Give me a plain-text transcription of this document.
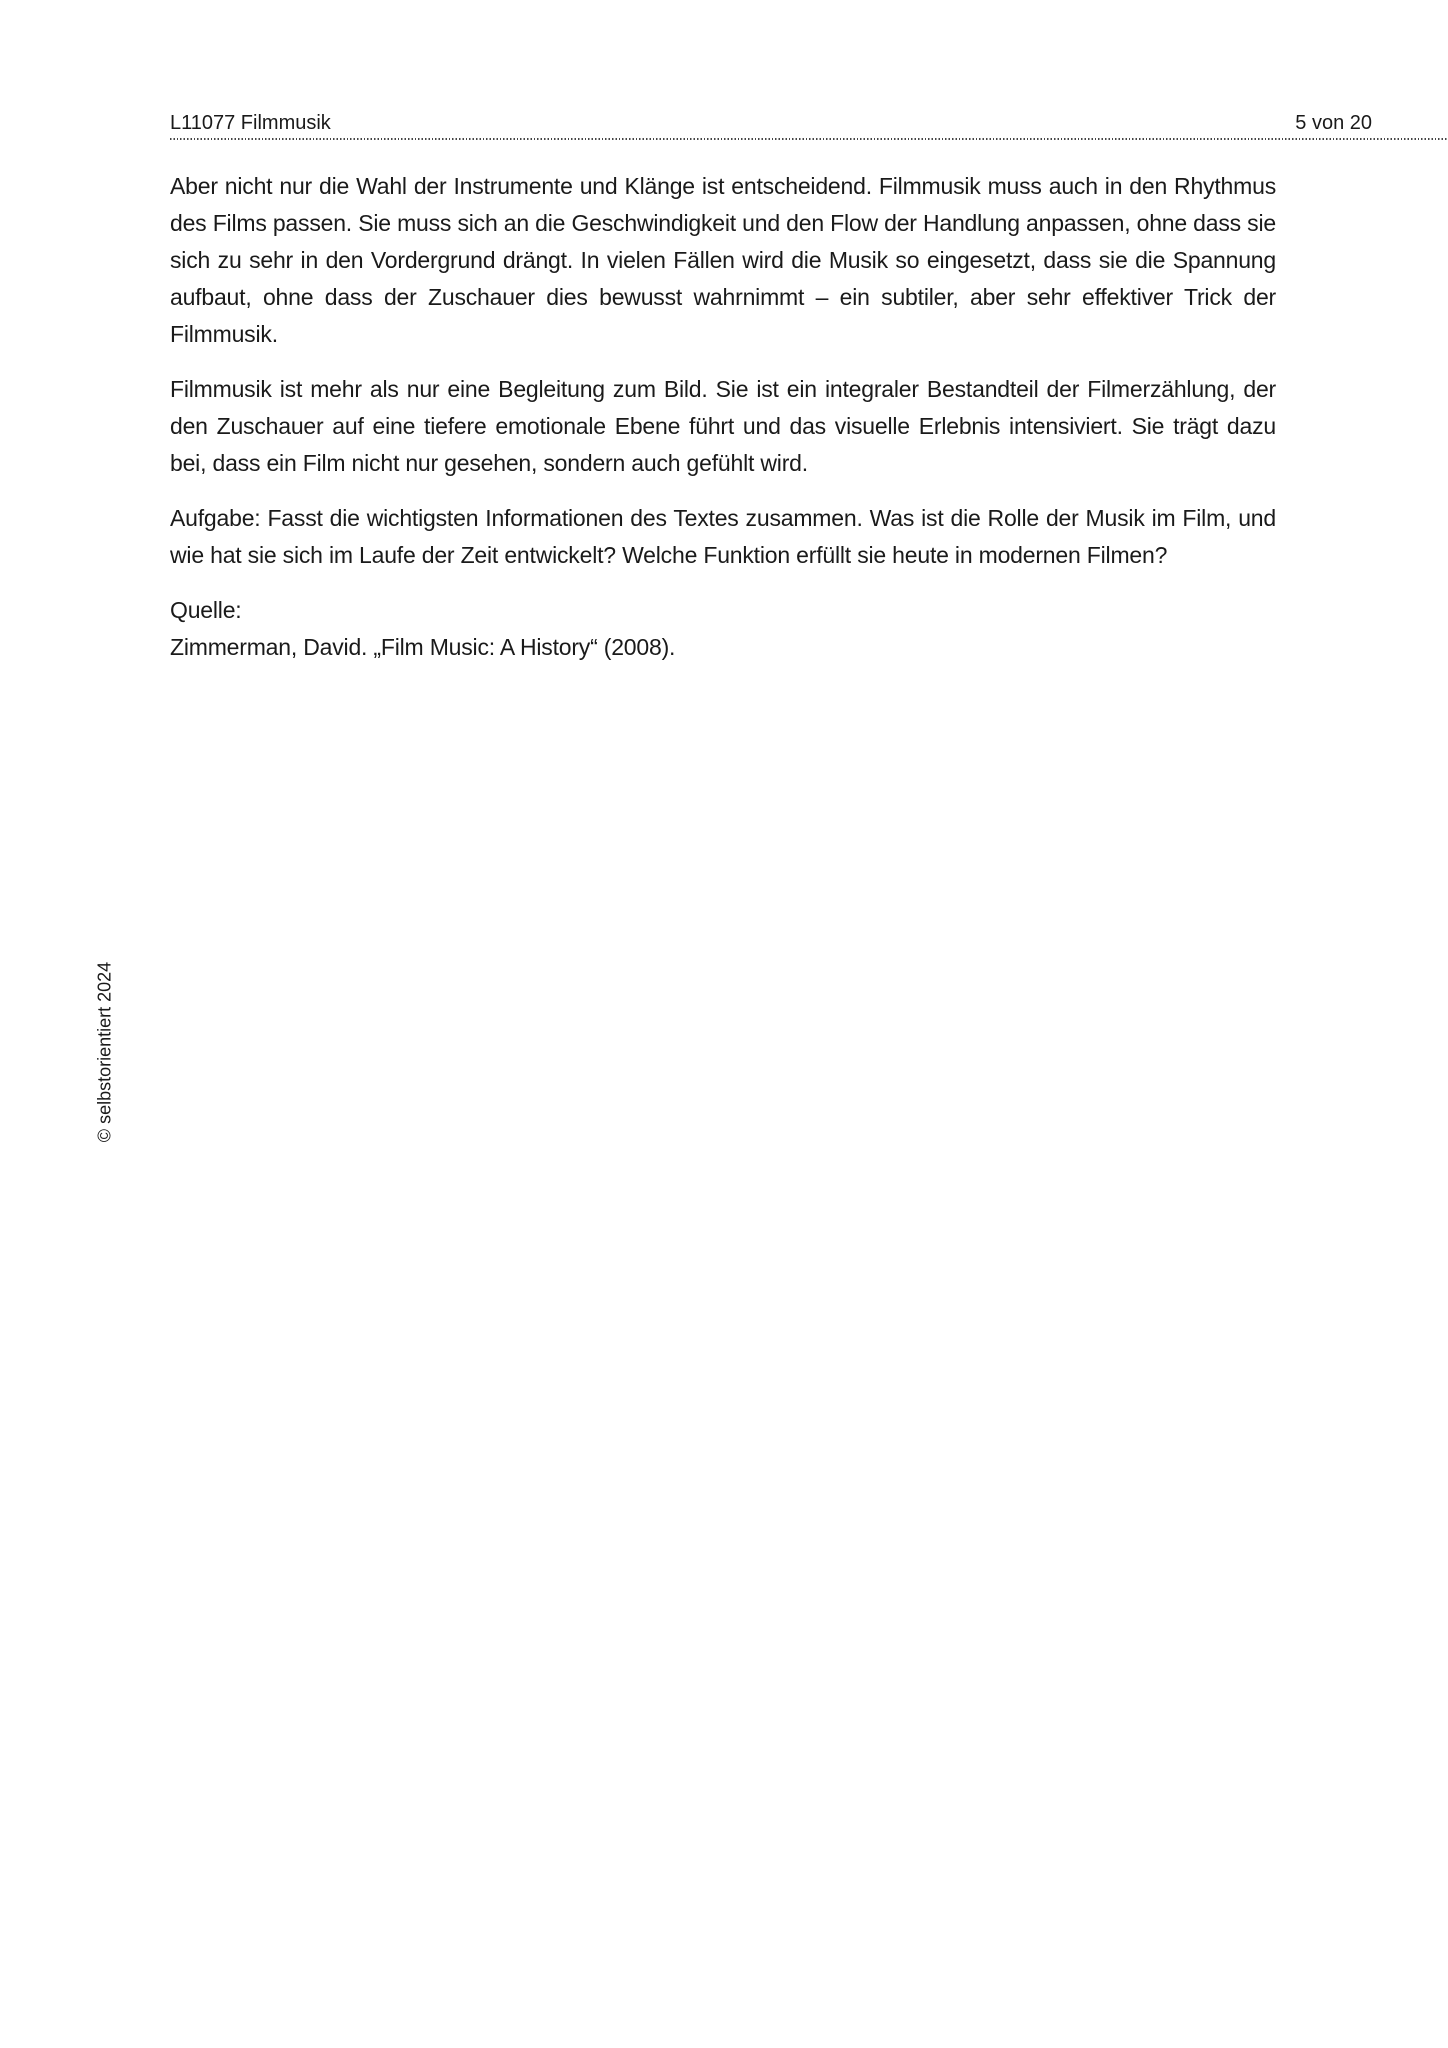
L11077 Filmmusik	5 von 20

Aber nicht nur die Wahl der Instrumente und Klänge ist entscheidend. Filmmusik muss auch in den Rhythmus des Films passen. Sie muss sich an die Geschwindigkeit und den Flow der Handlung anpassen, ohne dass sie sich zu sehr in den Vordergrund drängt. In vielen Fällen wird die Musik so eingesetzt, dass sie die Spannung aufbaut, ohne dass der Zuschauer dies bewusst wahrnimmt – ein subtiler, aber sehr effektiver Trick der Filmmusik.

Filmmusik ist mehr als nur eine Begleitung zum Bild. Sie ist ein integraler Bestandteil der Filmerzählung, der den Zuschauer auf eine tiefere emotionale Ebene führt und das visuelle Erlebnis intensiviert. Sie trägt dazu bei, dass ein Film nicht nur gesehen, sondern auch gefühlt wird.

Aufgabe: Fasst die wichtigsten Informationen des Textes zusammen. Was ist die Rolle der Musik im Film, und wie hat sie sich im Laufe der Zeit entwickelt? Welche Funktion erfüllt sie heute in modernen Filmen?

Quelle:
Zimmerman, David. „Film Music: A History“ (2008).
© selbstorientiert 2024
